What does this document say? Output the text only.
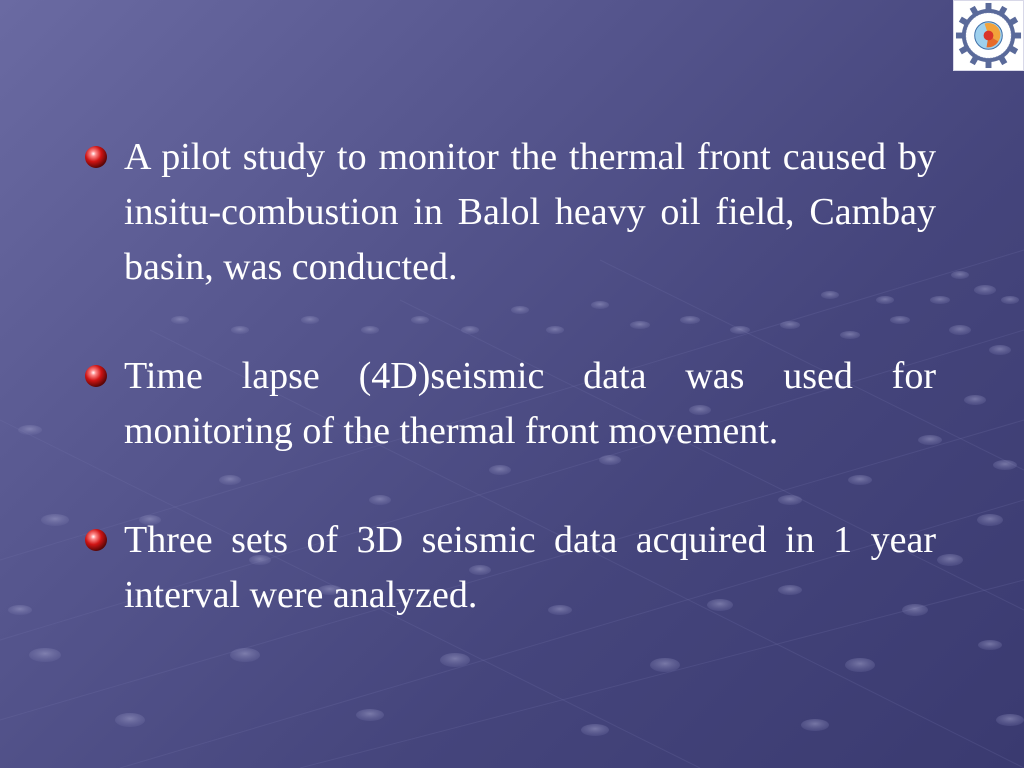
A pilot study to monitor the thermal front caused by insitu-combustion in Balol heavy oil field, Cambay basin, was conducted.
Time lapse (4D)seismic data was used for monitoring of the thermal front movement.
Three sets of 3D seismic data acquired in 1 year interval were analyzed.
